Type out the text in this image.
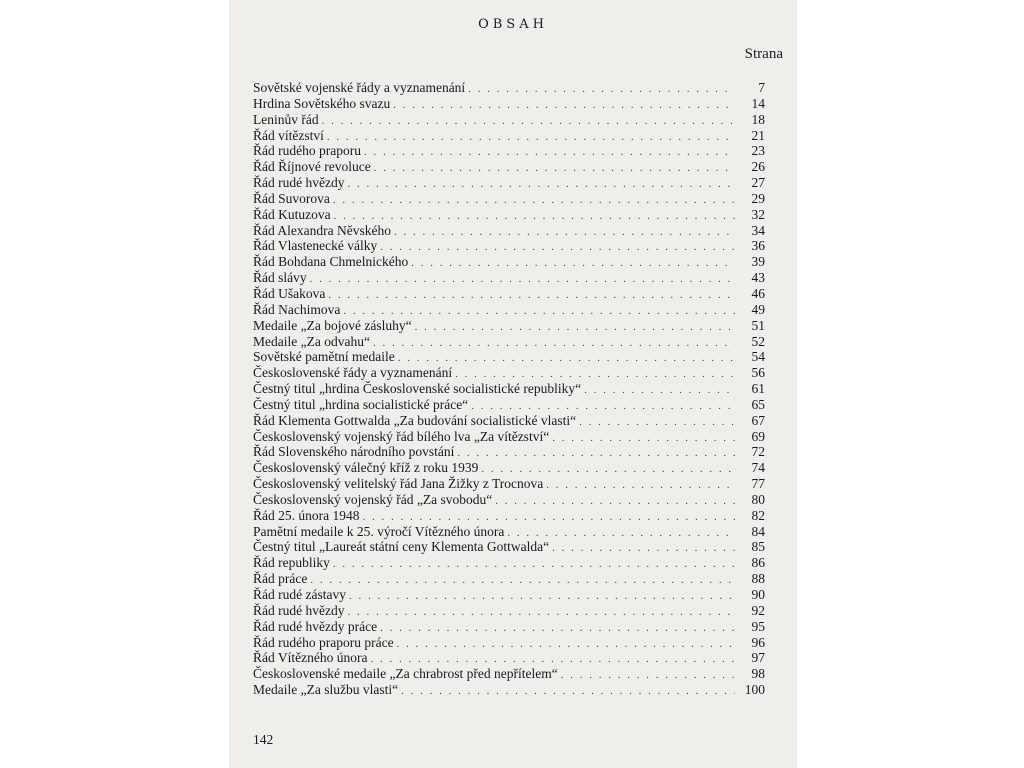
OBSAH
Strana
Sovětské vojenské řády a vyznamenání . . .	7
Hrdina Sovětského svazu . . .	14
Leninův řád . . .	18
Řád vítězství . . .	21
Řád rudého praporu . . .	23
Řád Říjnové revoluce . . .	26
Řád rudé hvězdy . . .	27
Řád Suvorova . . .	29
Řád Kutuzova . . .	32
Řád Alexandra Něvského . . .	34
Řád Vlastenecké války . . .	36
Řád Bohdana Chmelnického . . .	39
Řád slávy . . .	43
Řád Ušakova . . .	46
Řád Nachimova . . .	49
Medaile „Za bojové zásluhy“ . . .	51
Medaile „Za odvahu“ . . .	52
Sovětské pamětní medaile . . .	54
Československé řády a vyznamenání . . .	56
Čestný titul „hrdina Československé socialistické republiky“ . . .	61
Čestný titul „hrdina socialistické práce“ . . .	65
Řád Klementa Gottwalda „Za budování socialistické vlasti“ . . .	67
Československý vojenský řád bílého lva „Za vítězství“ . . .	69
Řád Slovenského národního povstání . . .	72
Československý válečný kříž z roku 1939 . . .	74
Československý velitelský řád Jana Žižky z Trocnova . . .	77
Československý vojenský řád „Za svobodu“ . . .	80
Řád 25. února 1948 . . .	82
Pamětní medaile k 25. výročí Vítězného února . . .	84
Čestný titul „Laureát státní ceny Klementa Gottwalda“ . . .	85
Řád republiky . . .	86
Řád práce . . .	88
Řád rudé zástavy . . .	90
Řád rudé hvězdy . . .	92
Řád rudé hvězdy práce . . .	95
Řád rudého praporu práce . . .	96
Řád Vítězného února . . .	97
Československé medaile „Za chrabrost před nepřítelem“ . . .	98
Medaile „Za službu vlasti“ . . .	100
142
